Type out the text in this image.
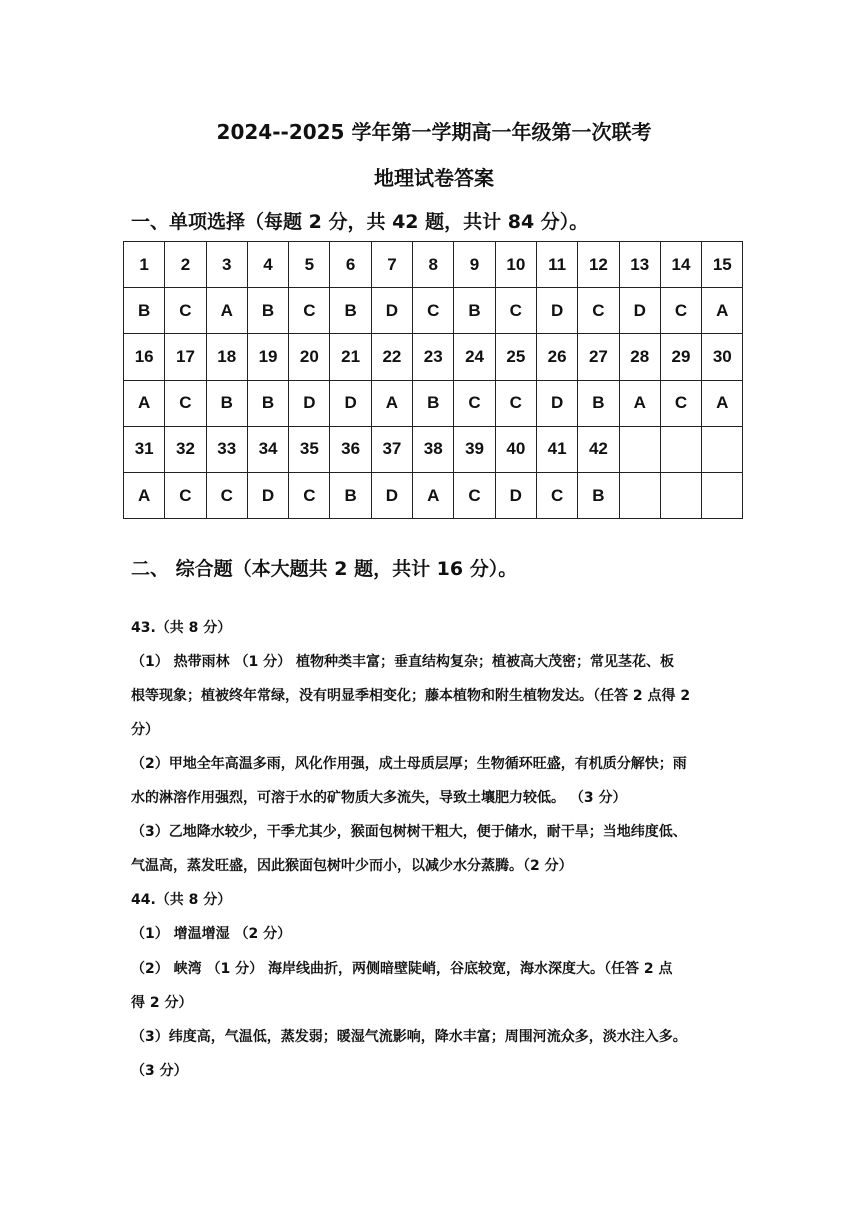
2024--2025 学年第一学期高一年级第一次联考
地理试卷答案
一、单项选择（每题 2 分，共 42 题，共计 84 分）。
1	2	3	4	5	6	7	8	9	10	11	12	13	14	15
B	C	A	B	C	B	D	C	B	C	D	C	D	C	A
16	17	18	19	20	21	22	23	24	25	26	27	28	29	30
A	C	B	B	D	D	A	B	C	C	D	B	A	C	A
31	32	33	34	35	36	37	38	39	40	41	42			
A	C	C	D	C	B	D	A	C	D	C	B			
二、 综合题（本大题共 2 题，共计 16 分）。
43.（共 8 分）
（1） 热带雨林 （1 分） 植物种类丰富；垂直结构复杂；植被高大茂密；常见茎花、板
根等现象；植被终年常绿，没有明显季相变化；藤本植物和附生植物发达。（任答 2 点得 2
分）
（2）甲地全年高温多雨，风化作用强，成土母质层厚；生物循环旺盛，有机质分解快；雨
水的淋溶作用强烈，可溶于水的矿物质大多流失，导致土壤肥力较低。 （3 分）
（3）乙地降水较少，干季尤其少，猴面包树树干粗大，便于储水，耐干旱；当地纬度低、
气温高，蒸发旺盛，因此猴面包树叶少而小，以减少水分蒸腾。（2 分）
44.（共 8 分）
（1） 增温增湿 （2 分）
（2） 峡湾 （1 分） 海岸线曲折，两侧暗壁陡峭，谷底较宽，海水深度大。（任答 2 点
得 2 分）
（3）纬度高，气温低，蒸发弱；暖湿气流影响，降水丰富；周围河流众多，淡水注入多。
（3 分）
